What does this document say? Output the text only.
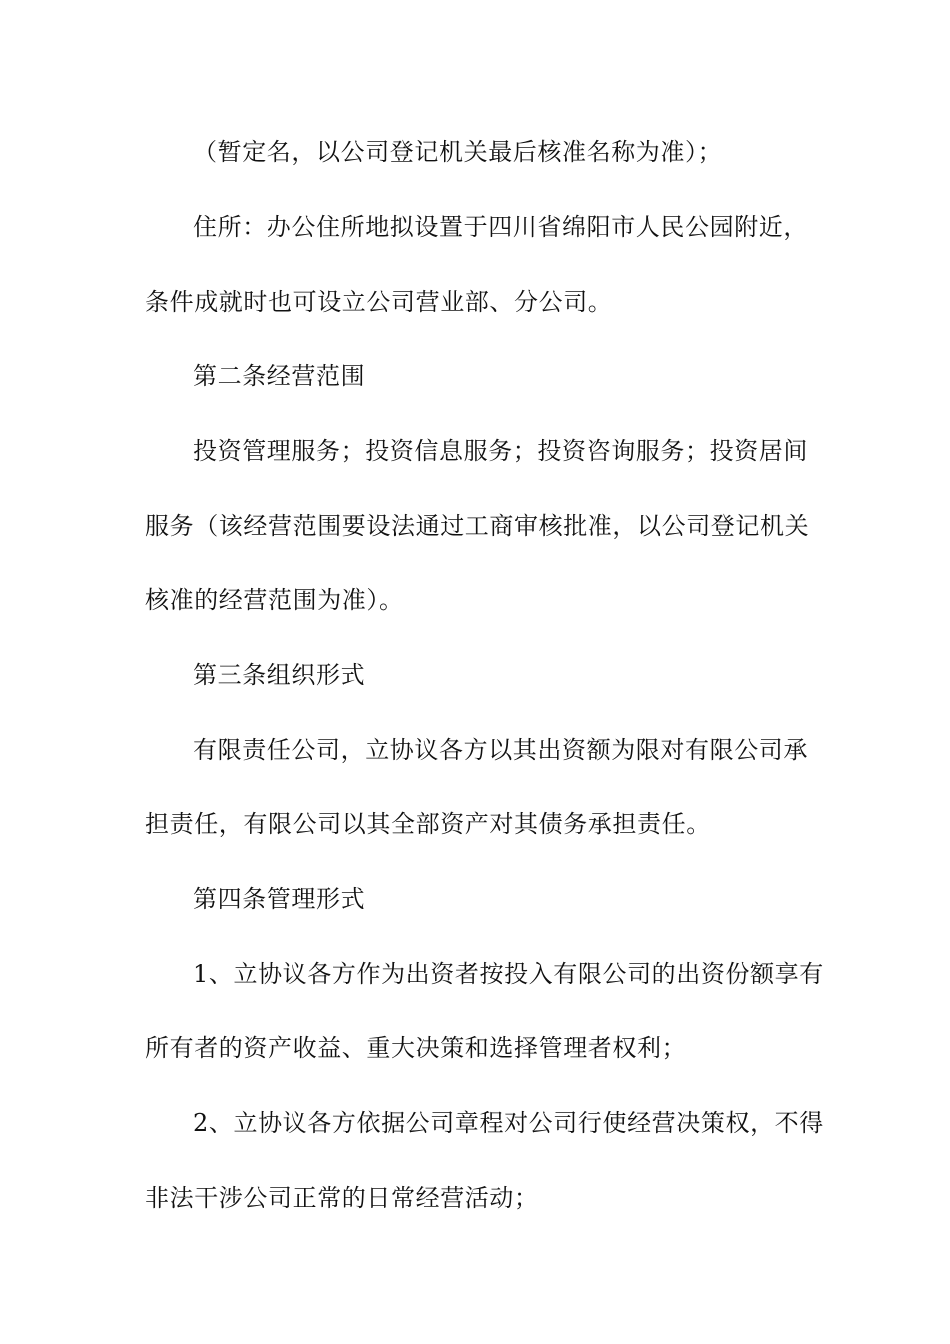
（暂定名，以公司登记机关最后核准名称为准）；
住所：办公住所地拟设置于四川省绵阳市人民公园附近，
条件成就时也可设立公司营业部、分公司。
第二条经营范围
投资管理服务；投资信息服务；投资咨询服务；投资居间
服务（该经营范围要设法通过工商审核批准，以公司登记机关
核准的经营范围为准）。
第三条组织形式
有限责任公司，立协议各方以其出资额为限对有限公司承
担责任，有限公司以其全部资产对其债务承担责任。
第四条管理形式
1、立协议各方作为出资者按投入有限公司的出资份额享有
所有者的资产收益、重大决策和选择管理者权利；
2、立协议各方依据公司章程对公司行使经营决策权，不得
非法干涉公司正常的日常经营活动；
